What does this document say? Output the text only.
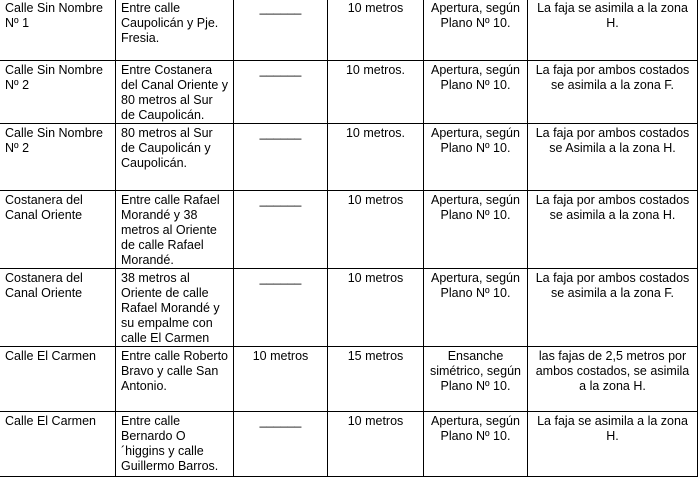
Calle Sin Nombre Nº 1	Entre calle Caupolicán y Pje. Fresia.	______	10 metros	Apertura, según Plano Nº 10.	La faja se asimila a la zona H.
Calle Sin Nombre Nº 2	Entre Costanera del Canal Oriente y 80 metros al Sur de Caupolicán.	______	10 metros.	Apertura, según Plano Nº 10.	La faja por ambos costados se asimila a la zona F.
Calle Sin Nombre Nº 2	80 metros al Sur de Caupolicán y Caupolicán.	______	10 metros.	Apertura, según Plano Nº 10.	La faja por ambos costados se Asimila a la zona H.
Costanera del Canal Oriente	Entre calle Rafael Morandé y 38 metros al Oriente de calle Rafael Morandé.	______	10 metros	Apertura, según Plano Nº 10.	La faja por ambos costados se asimila a la zona H.
Costanera del Canal Oriente	38 metros al Oriente de calle Rafael Morandé y su empalme con calle El Carmen	______	10 metros	Apertura, según Plano Nº 10.	La faja por ambos costados se asimila a la zona F.
Calle El Carmen	Entre calle Roberto Bravo y calle San Antonio.	10 metros	15 metros	Ensanche simétrico, según Plano Nº 10.	las fajas de 2,5 metros por ambos costados, se asimila a la zona H.
Calle El Carmen	Entre calle Bernardo O´higgins y calle Guillermo Barros.	______	10 metros	Apertura, según Plano Nº 10.	La faja se asimila a la zona H.
